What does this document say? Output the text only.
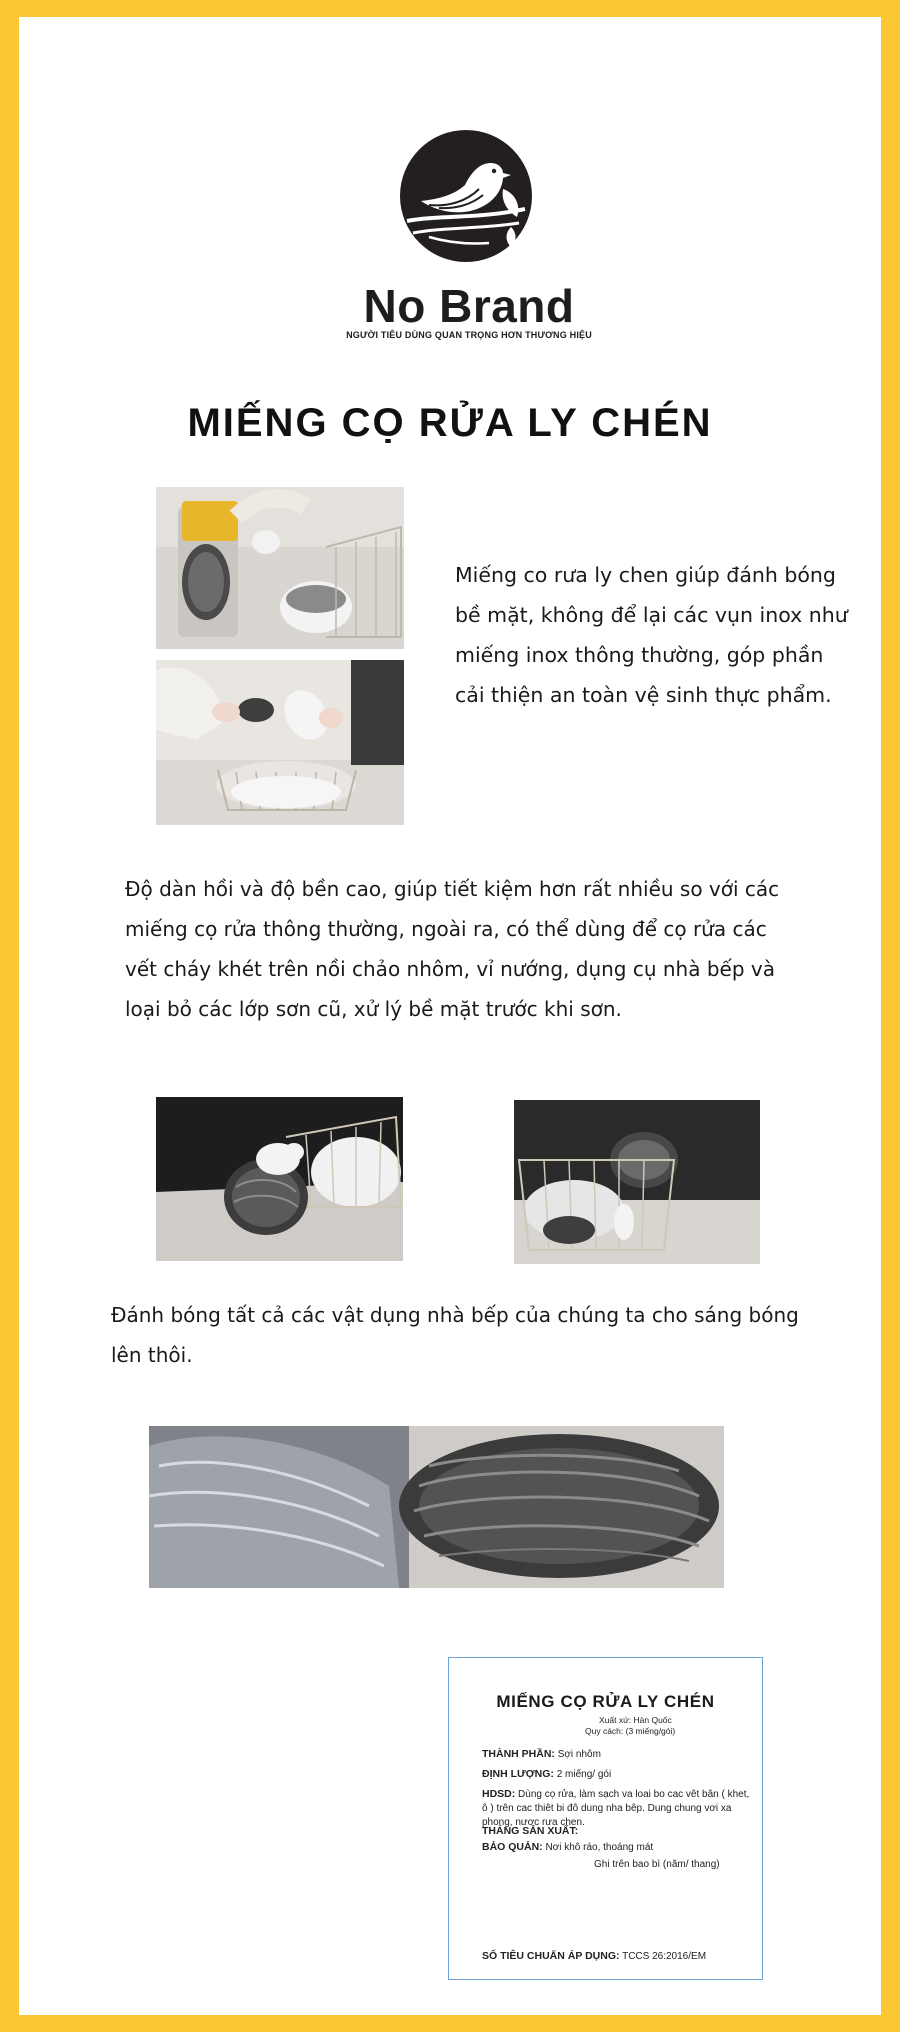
No Brand
NGƯỜI TIÊU DÙNG QUAN TRỌNG HƠN THƯƠNG HIỆU
MIẾNG CỌ RỬA LY CHÉN
Miếng co rưa ly chen giúp đánh bóng bề mặt, không để lại các vụn inox như miếng inox thông thường, góp phần cải thiện an toàn vệ sinh thực phẩm.
Độ dàn hồi và độ bền cao, giúp tiết kiệm hơn rất nhiều so với các miếng cọ rửa thông thường, ngoài ra, có thể dùng để cọ rửa các vết cháy khét trên nồi chảo nhôm, vỉ nướng, dụng cụ nhà bếp và loại bỏ các lớp sơn cũ, xử lý bề mặt trước khi sơn.
Đánh bóng tất cả các vật dụng nhà bếp của chúng ta cho sáng bóng lên thôi.
MIẾNG CỌ RỬA LY CHÉN
Xuất xứ: Hàn Quốc
Quy cách: (3 miếng/gói)
THÀNH PHẦN: Sợi nhôm
ĐỊNH LƯỢNG: 2 miếng/ gói
HDSD: Dùng cọ rửa, làm sạch va loai bo cac vêt bân ( khet, ô ) trên cac thiêt bi đô dung nha bêp. Dung chung vơi xa phong, nươc rưa chen.
THÁNG SẢN XUẤT:
BẢO QUẢN: Nơi khô ráo, thoáng mát
Ghi trên bao bì (năm/ thang)
SỐ TIÊU CHUẨN ÁP DỤNG: TCCS 26:2016/EM
